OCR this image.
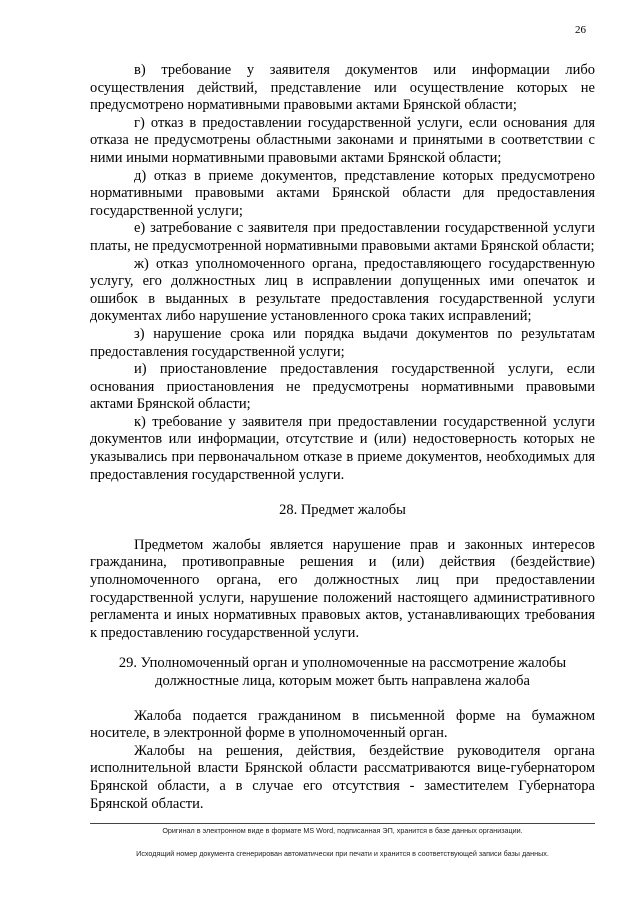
26

в) требование у заявителя документов или информации либо осуществления действий, представление или осуществление которых не предусмотрено нормативными правовыми актами Брянской области;

г) отказ в предоставлении государственной услуги, если основания для отказа не предусмотрены областными законами и принятыми в соответствии с ними иными нормативными правовыми актами Брянской области;

д) отказ в приеме документов, представление которых предусмотрено нормативными правовыми актами Брянской области для предоставления государственной услуги;

е) затребование с заявителя при предоставлении государственной услуги платы, не предусмотренной нормативными правовыми актами Брянской области;

ж) отказ уполномоченного органа, предоставляющего государственную услугу, его должностных лиц в исправлении допущенных ими опечаток и ошибок в выданных в результате предоставления государственной услуги документах либо нарушение установленного срока таких исправлений;

з) нарушение срока или порядка выдачи документов по результатам предоставления государственной услуги;

и) приостановление предоставления государственной услуги, если основания приостановления не предусмотрены нормативными правовыми актами Брянской области;

к) требование у заявителя при предоставлении государственной услуги документов или информации, отсутствие и (или) недостоверность которых не указывались при первоначальном отказе в приеме документов, необходимых для предоставления государственной услуги.

28. Предмет жалобы

Предметом жалобы является нарушение прав и законных интересов гражданина, противоправные решения и (или) действия (бездействие) уполномоченного органа, его должностных лиц при предоставлении государственной услуги, нарушение положений настоящего административного регламента и иных нормативных правовых актов, устанавливающих требования к предоставлению государственной услуги.

29. Уполномоченный орган и уполномоченные на рассмотрение жалобы должностные лица, которым может быть направлена жалоба

Жалоба подается гражданином в письменной форме на бумажном носителе, в электронной форме в уполномоченный орган.

Жалобы на решения, действия, бездействие руководителя органа исполнительной власти Брянской области рассматриваются вице-губернатором Брянской области, а в случае его отсутствия - заместителем Губернатора Брянской области.

Оригинал в электронном виде в формате MS Word, подписанная ЭП, хранится в базе данных организации.
Исходящий номер документа сгенерирован автоматически при печати и хранится в соответствующей записи базы данных.
